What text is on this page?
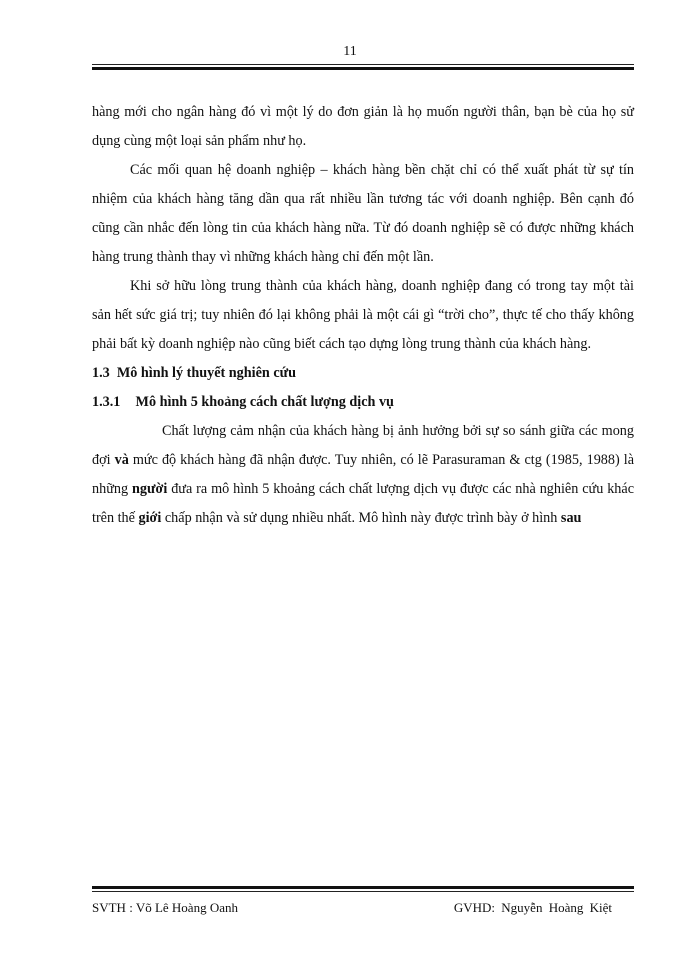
11

hàng mới cho ngân hàng đó vì một lý do đơn giản là họ muốn người thân, bạn bè của họ sử dụng cùng một loại sản phẩm như họ.

Các mối quan hệ doanh nghiệp – khách hàng bền chặt chỉ có thể xuất phát từ sự tín nhiệm của khách hàng tăng dần qua rất nhiều lần tương tác với doanh nghiệp. Bên cạnh đó cũng cần nhắc đến lòng tin của khách hàng nữa. Từ đó doanh nghiệp sẽ có được những khách hàng trung thành thay vì những khách hàng chỉ đến một lần.

Khi sở hữu lòng trung thành của khách hàng, doanh nghiệp đang có trong tay một tài sản hết sức giá trị; tuy nhiên đó lại không phải là một cái gì “trời cho”, thực tế cho thấy không phải bất kỳ doanh nghiệp nào cũng biết cách tạo dựng lòng trung thành của khách hàng.

1.3 Mô hình lý thuyết nghiên cứu
1.3.1 Mô hình 5 khoảng cách chất lượng dịch vụ

Chất lượng cảm nhận của khách hàng bị ảnh hưởng bởi sự so sánh giữa các mong đợi và mức độ khách hàng đã nhận được. Tuy nhiên, có lẽ Parasuraman & ctg (1985, 1988) là những người đưa ra mô hình 5 khoảng cách chất lượng dịch vụ được các nhà nghiên cứu khác trên thế giới chấp nhận và sử dụng nhiều nhất. Mô hình này được trình bày ở hình sau

SVTH : Võ Lê Hoàng Oanh	GVHD: Nguyễn Hoàng Kiệt
